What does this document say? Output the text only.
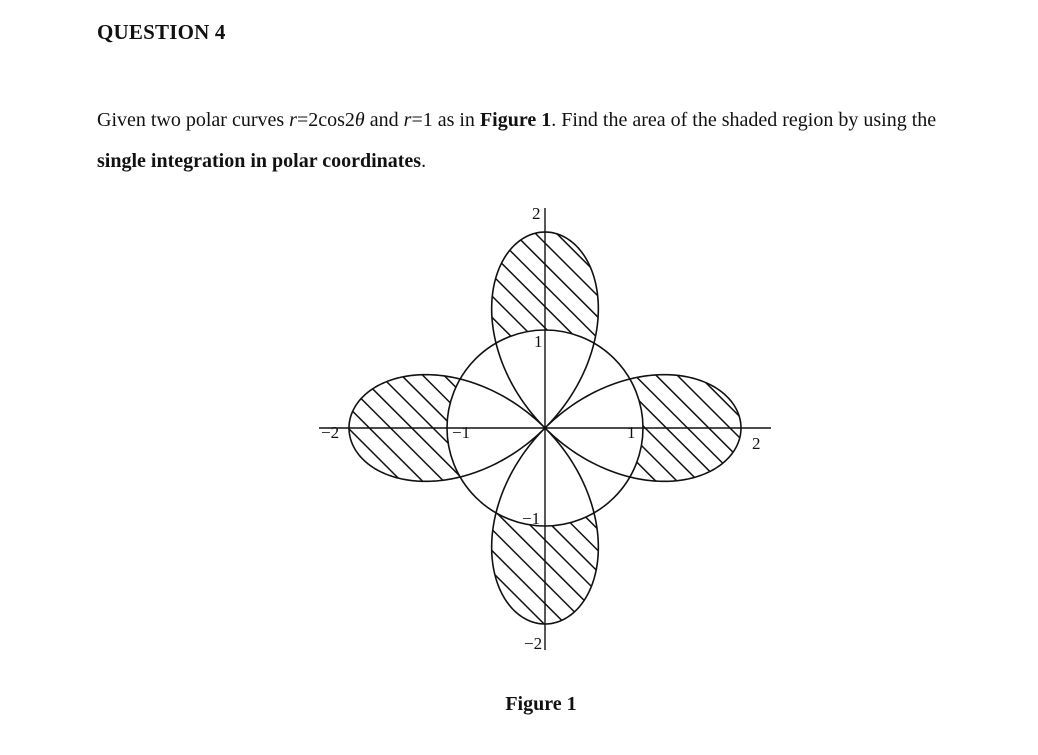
QUESTION 4
Given two polar curves r=2cos2θ and r=1 as in Figure 1. Find the area of the shaded region by using the single integration in polar coordinates.
−2	−1	1
2
2
1
−1
−2
Figure 1
